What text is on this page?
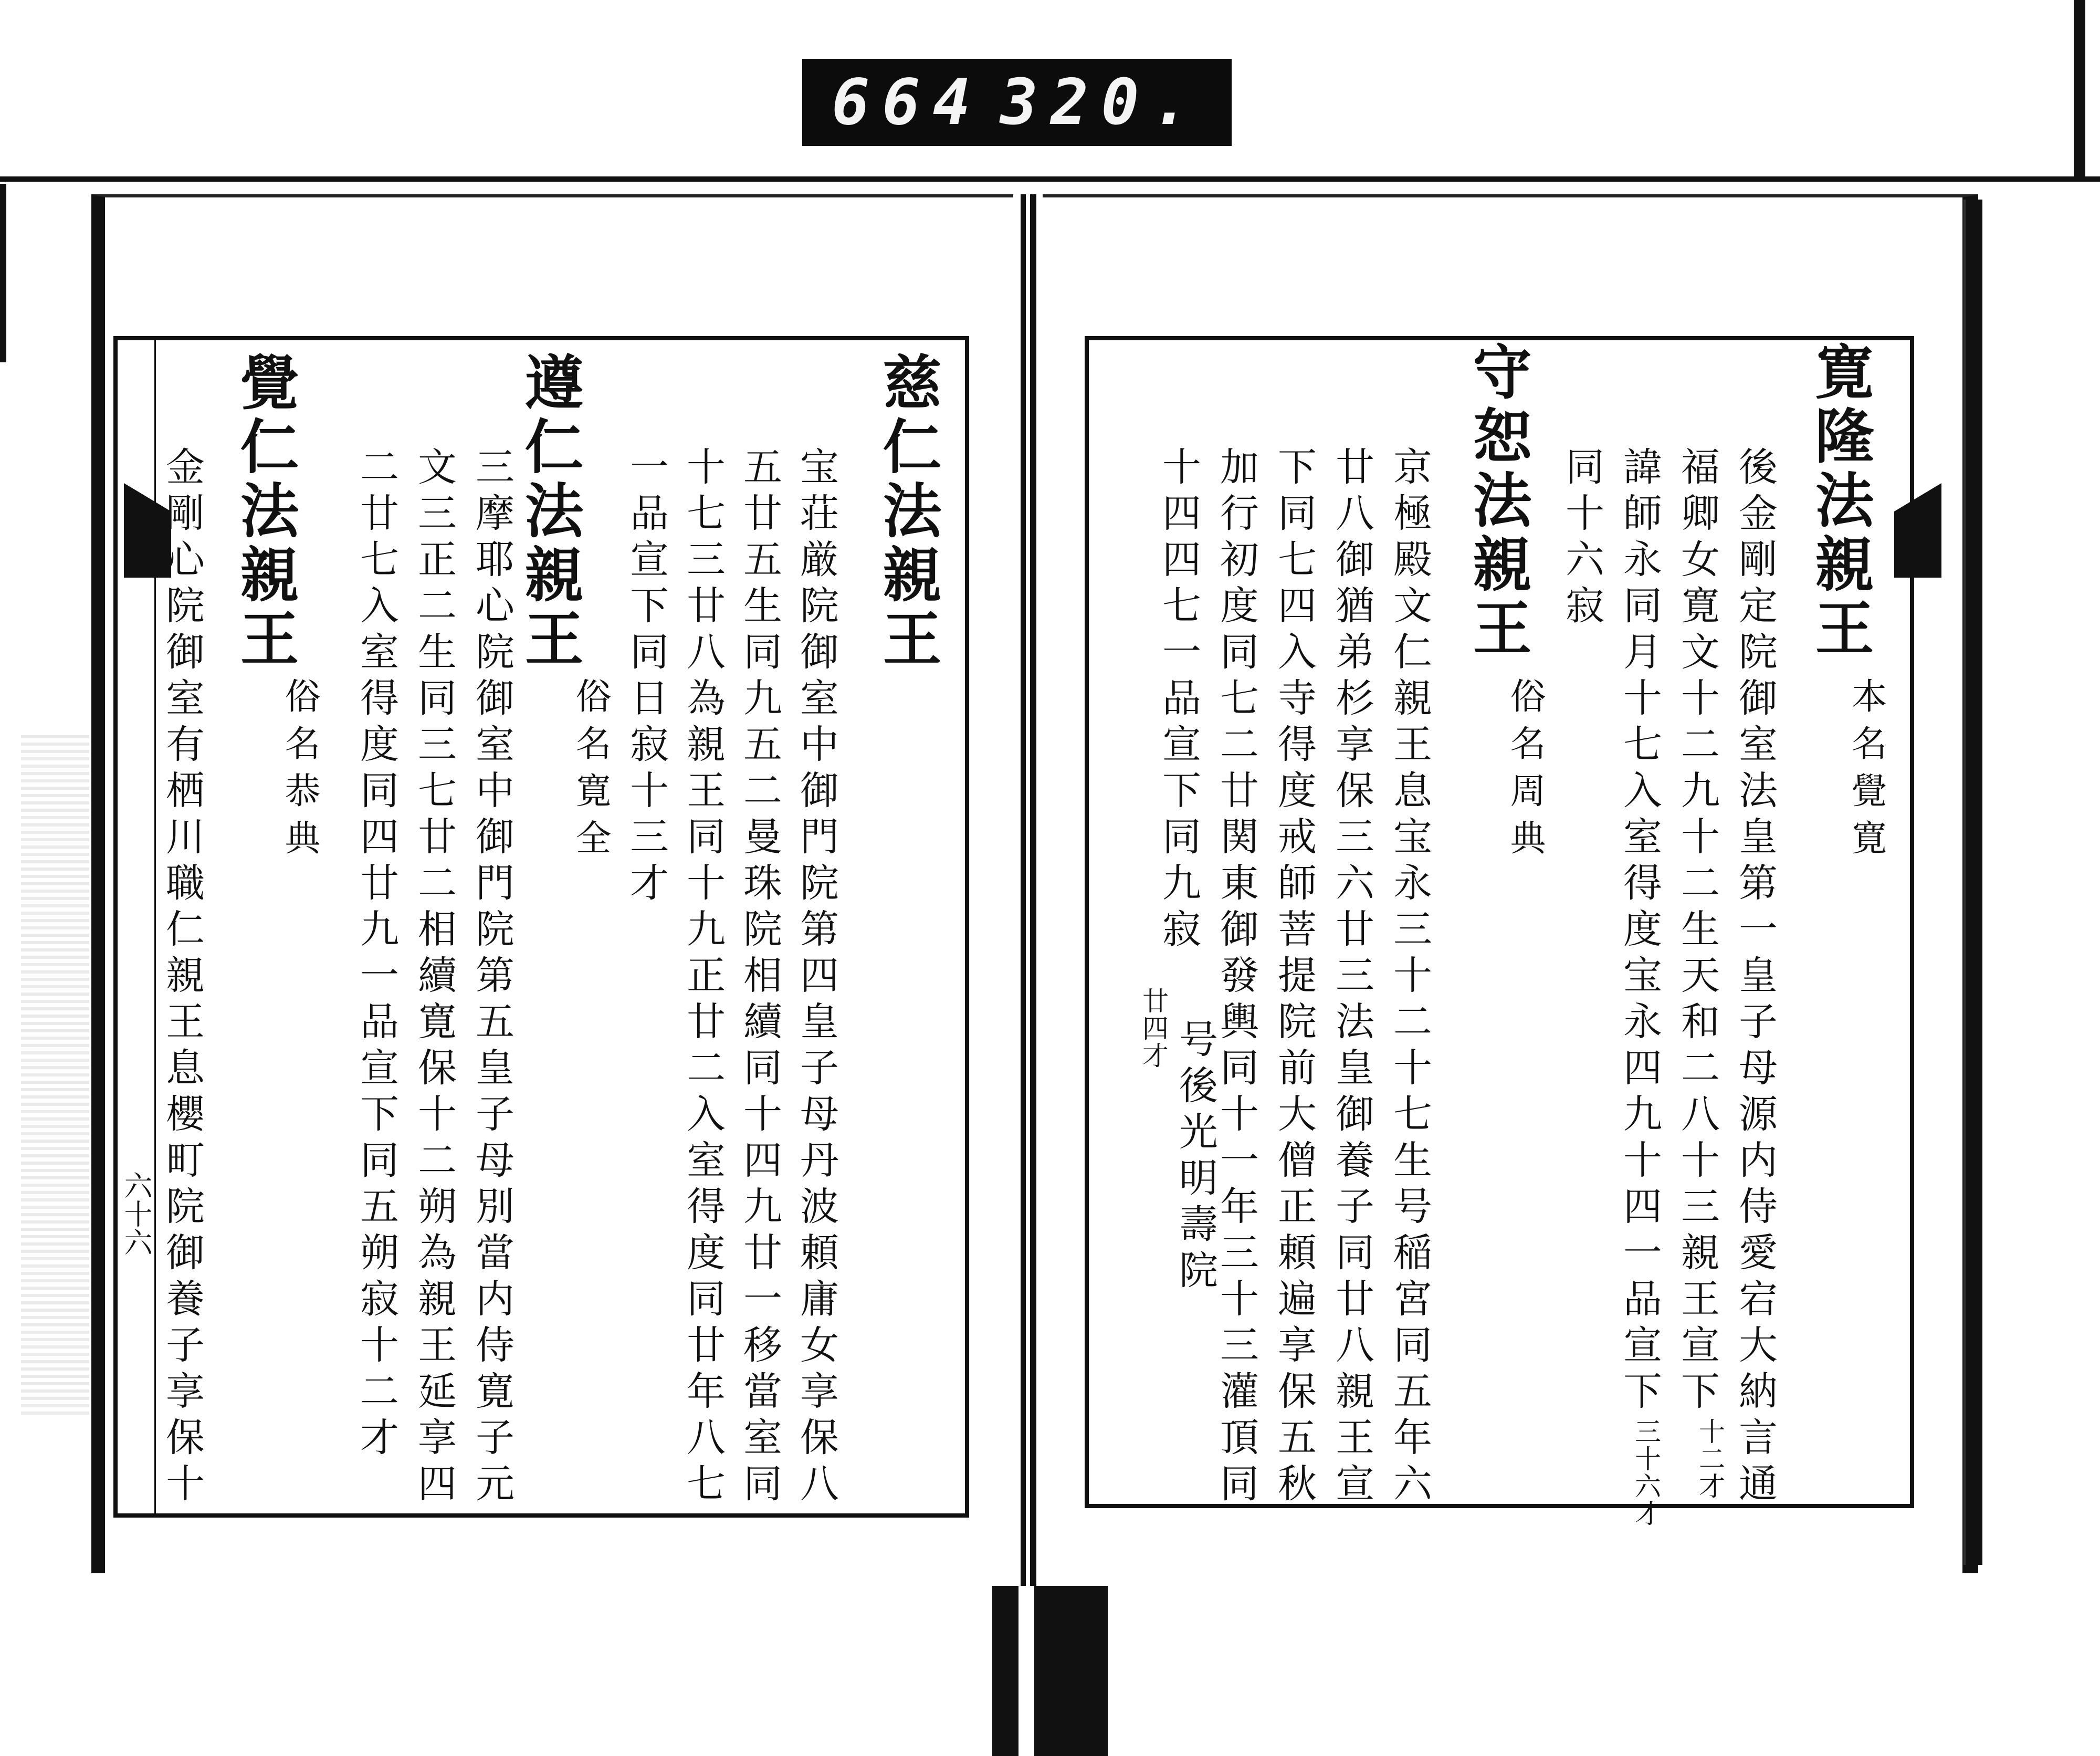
664 320.
六十六
慈仁法親王
宝荘厳院御室中御門院第四皇子母丹波頼庸女享保八
五廿五生同九五二曼珠院相續同十四九廿一移當室同
十七三廿八為親王同十九正廿二入室得度同廿年八七
一品宣下同日寂十三才
遵仁法親王
俗名寛全
三摩耶心院御室中御門院第五皇子母別當内侍寛子元
文三正二生同三七廿二相續寛保十二朔為親王延享四
二廿七入室得度同四廿九一品宣下同五朔寂十二才
覺仁法親王
俗名恭典
金剛心院御室有栖川職仁親王息櫻町院御養子享保十	寛隆法親王
本名覺寛
後金剛定院御室法皇第一皇子母源内侍愛宕大納言通
福卿女寛文十二九十二生天和二八十三親王宣下
十二才
諱師永同月十七入室得度宝永四九十四一品宣下
三十六才
同十六寂
守恕法親王
俗名周典
京極殿文仁親王息宝永三十二十七生号稲宮同五年六
廿八御猶弟杉享保三六廿三法皇御養子同廿八親王宣
下同七四入寺得度戒師菩提院前大僧正頼遍享保五秋
加行初度同七二廿関東御發輿同十一年三十三灌頂同
十四四七一品宣下同九寂
廿四才 号後光明壽院
